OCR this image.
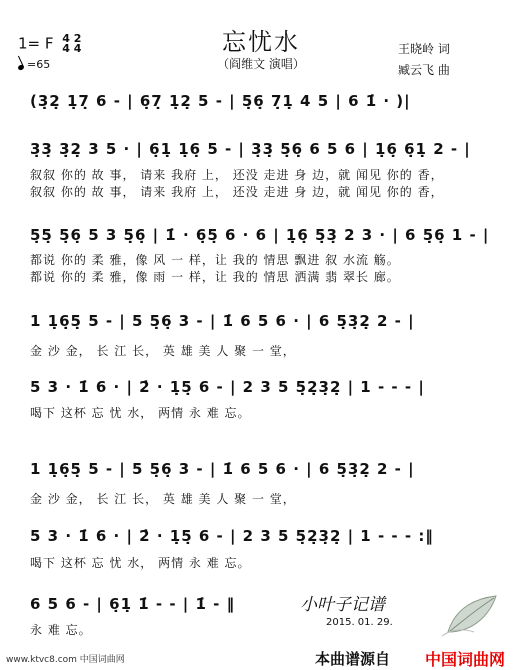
忘忧水
（阎维文 演唱）
1= F 4 2
4 4
=65
王晓岭 词
臧云飞 曲
(3̣2̣ 1̣7̣ 6 - | 6̣7̣ 1̣2̣ 5 - | 5̣6̣ 7̣1̣ 4 5 | 6 1̇ · )|
3̣3̣ 3̣2̣ 3 5 · | 6̣1̣ 1̣6̣ 5 - | 3̣3̣ 5̣6̣ 6 5 6 | 1̣6̣ 6̣1̣ 2 - |
叙叙 你的 故 事， 请来 我府 上， 还没 走进 身 边，就 闻见 你的 香，
叙叙 你的 故 事， 请来 我府 上， 还没 走进 身 边，就 闻见 你的 香，
5̣5̣ 5̣6̣ 5 3 5̣6̣ | 1̇ · 6̣5̣ 6 · 6 | 1̣6̣ 5̣3̣ 2 3 · | 6 5̣6̣ 1 - |
都说 你的 柔 雅，像 风 一 样，让 我的 情思 飘进 叙 水流 觞。
都说 你的 柔 雅，像 雨 一 样，让 我的 情思 洒满 翡 翠长 廊。
1 1̣6̣5̣ 5 - | 5 5̣6̣ 3 - | 1̇ 6 5 6 · | 6 5̣3̣2̣ 2 - |
金 沙 金， 长 江 长， 英 雄 美 人 聚 一 堂，
5 3 · 1̇ 6 · | 2̇ · 1̣5̣ 6 - | 2 3 5 5̣2̣3̣2̣ | 1 - - - |
喝下 这杯 忘 忧 水， 两情 永 难 忘。
1 1̣6̣5̣ 5 - | 5 5̣6̣ 3 - | 1̇ 6 5 6 · | 6 5̣3̣2̣ 2 - |
金 沙 金， 长 江 长， 英 雄 美 人 聚 一 堂，
5 3 · 1̇ 6 · | 2̇ · 1̣5̣ 6 - | 2 3 5 5̣2̣3̣2̣ | 1 - - - :‖
喝下 这杯 忘 忧 水， 两情 永 难 忘。
6 5 6 - | 6̣1̣ 1̇ - - | 1̇ - ‖
永 难 忘。
小叶子记谱
2015. 01. 29.
www.ktvc8.com 中国词曲网	本曲谱源自 中国词曲网
